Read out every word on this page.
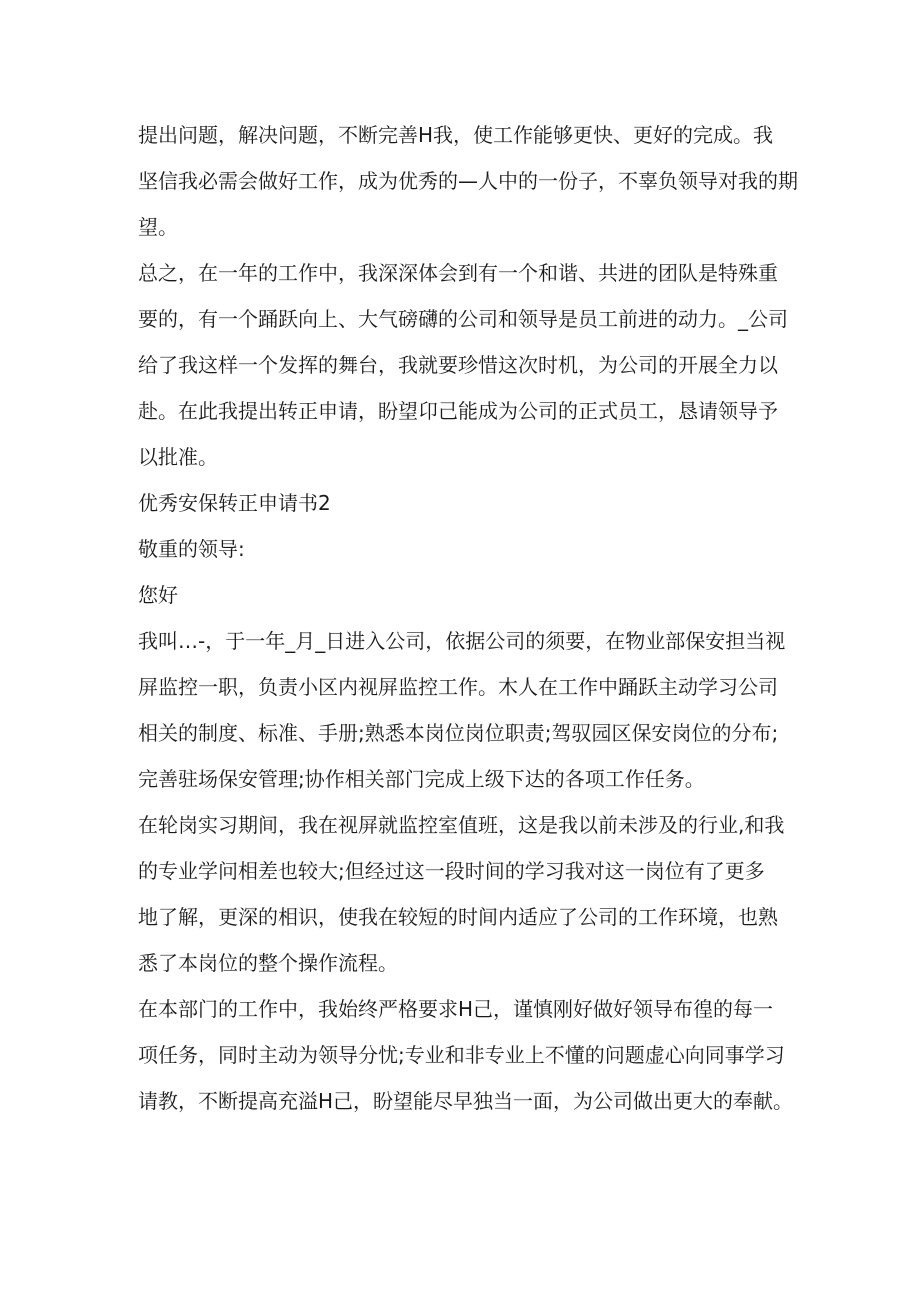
提出问题，解决问题，不断完善H我，使工作能够更快、更好的完成。我

坚信我必需会做好工作，成为优秀的—人中的一份子，不辜负领导对我的期

望。

总之，在一年的工作中，我深深体会到有一个和谐、共进的团队是特殊重

要的，有一个踊跃向上、大气磅礴的公司和领导是员工前进的动力。_公司

给了我这样一个发挥的舞台，我就要珍惜这次时机，为公司的开展全力以

赴。在此我提出转正申请，盼望卬己能成为公司的正式员工，恳请领导予

以批准。

优秀安保转正申请书2

敬重的领导:

您好

我叫…-，于一年_月_日进入公司，依据公司的须要，在物业部保安担当视

屏监控一职，负责小区内视屏监控工作。木人在工作中踊跃主动学习公司

相关的制度、标准、手册;熟悉本岗位岗位职责;驾驭园区保安岗位的分布;

完善驻场保安管理;协作相关部门完成上级下达的各项工作任务。

在轮岗实习期间，我在视屏就监控室值班，这是我以前未涉及的行业,和我

的专业学问相差也较大;但经过这一段时间的学习我对这一岗位有了更多

地了解，更深的相识，使我在较短的时间内适应了公司的工作环境，也熟

悉了本岗位的整个操作流程。

在本部门的工作中，我始终严格要求H己，谨慎刚好做好领导布徨的每一

项任务，同时主动为领导分忧;专业和非专业上不懂的问题虚心向同事学习

请教，不断提高充溢H己，盼望能尽早独当一面，为公司做出更大的奉献。
